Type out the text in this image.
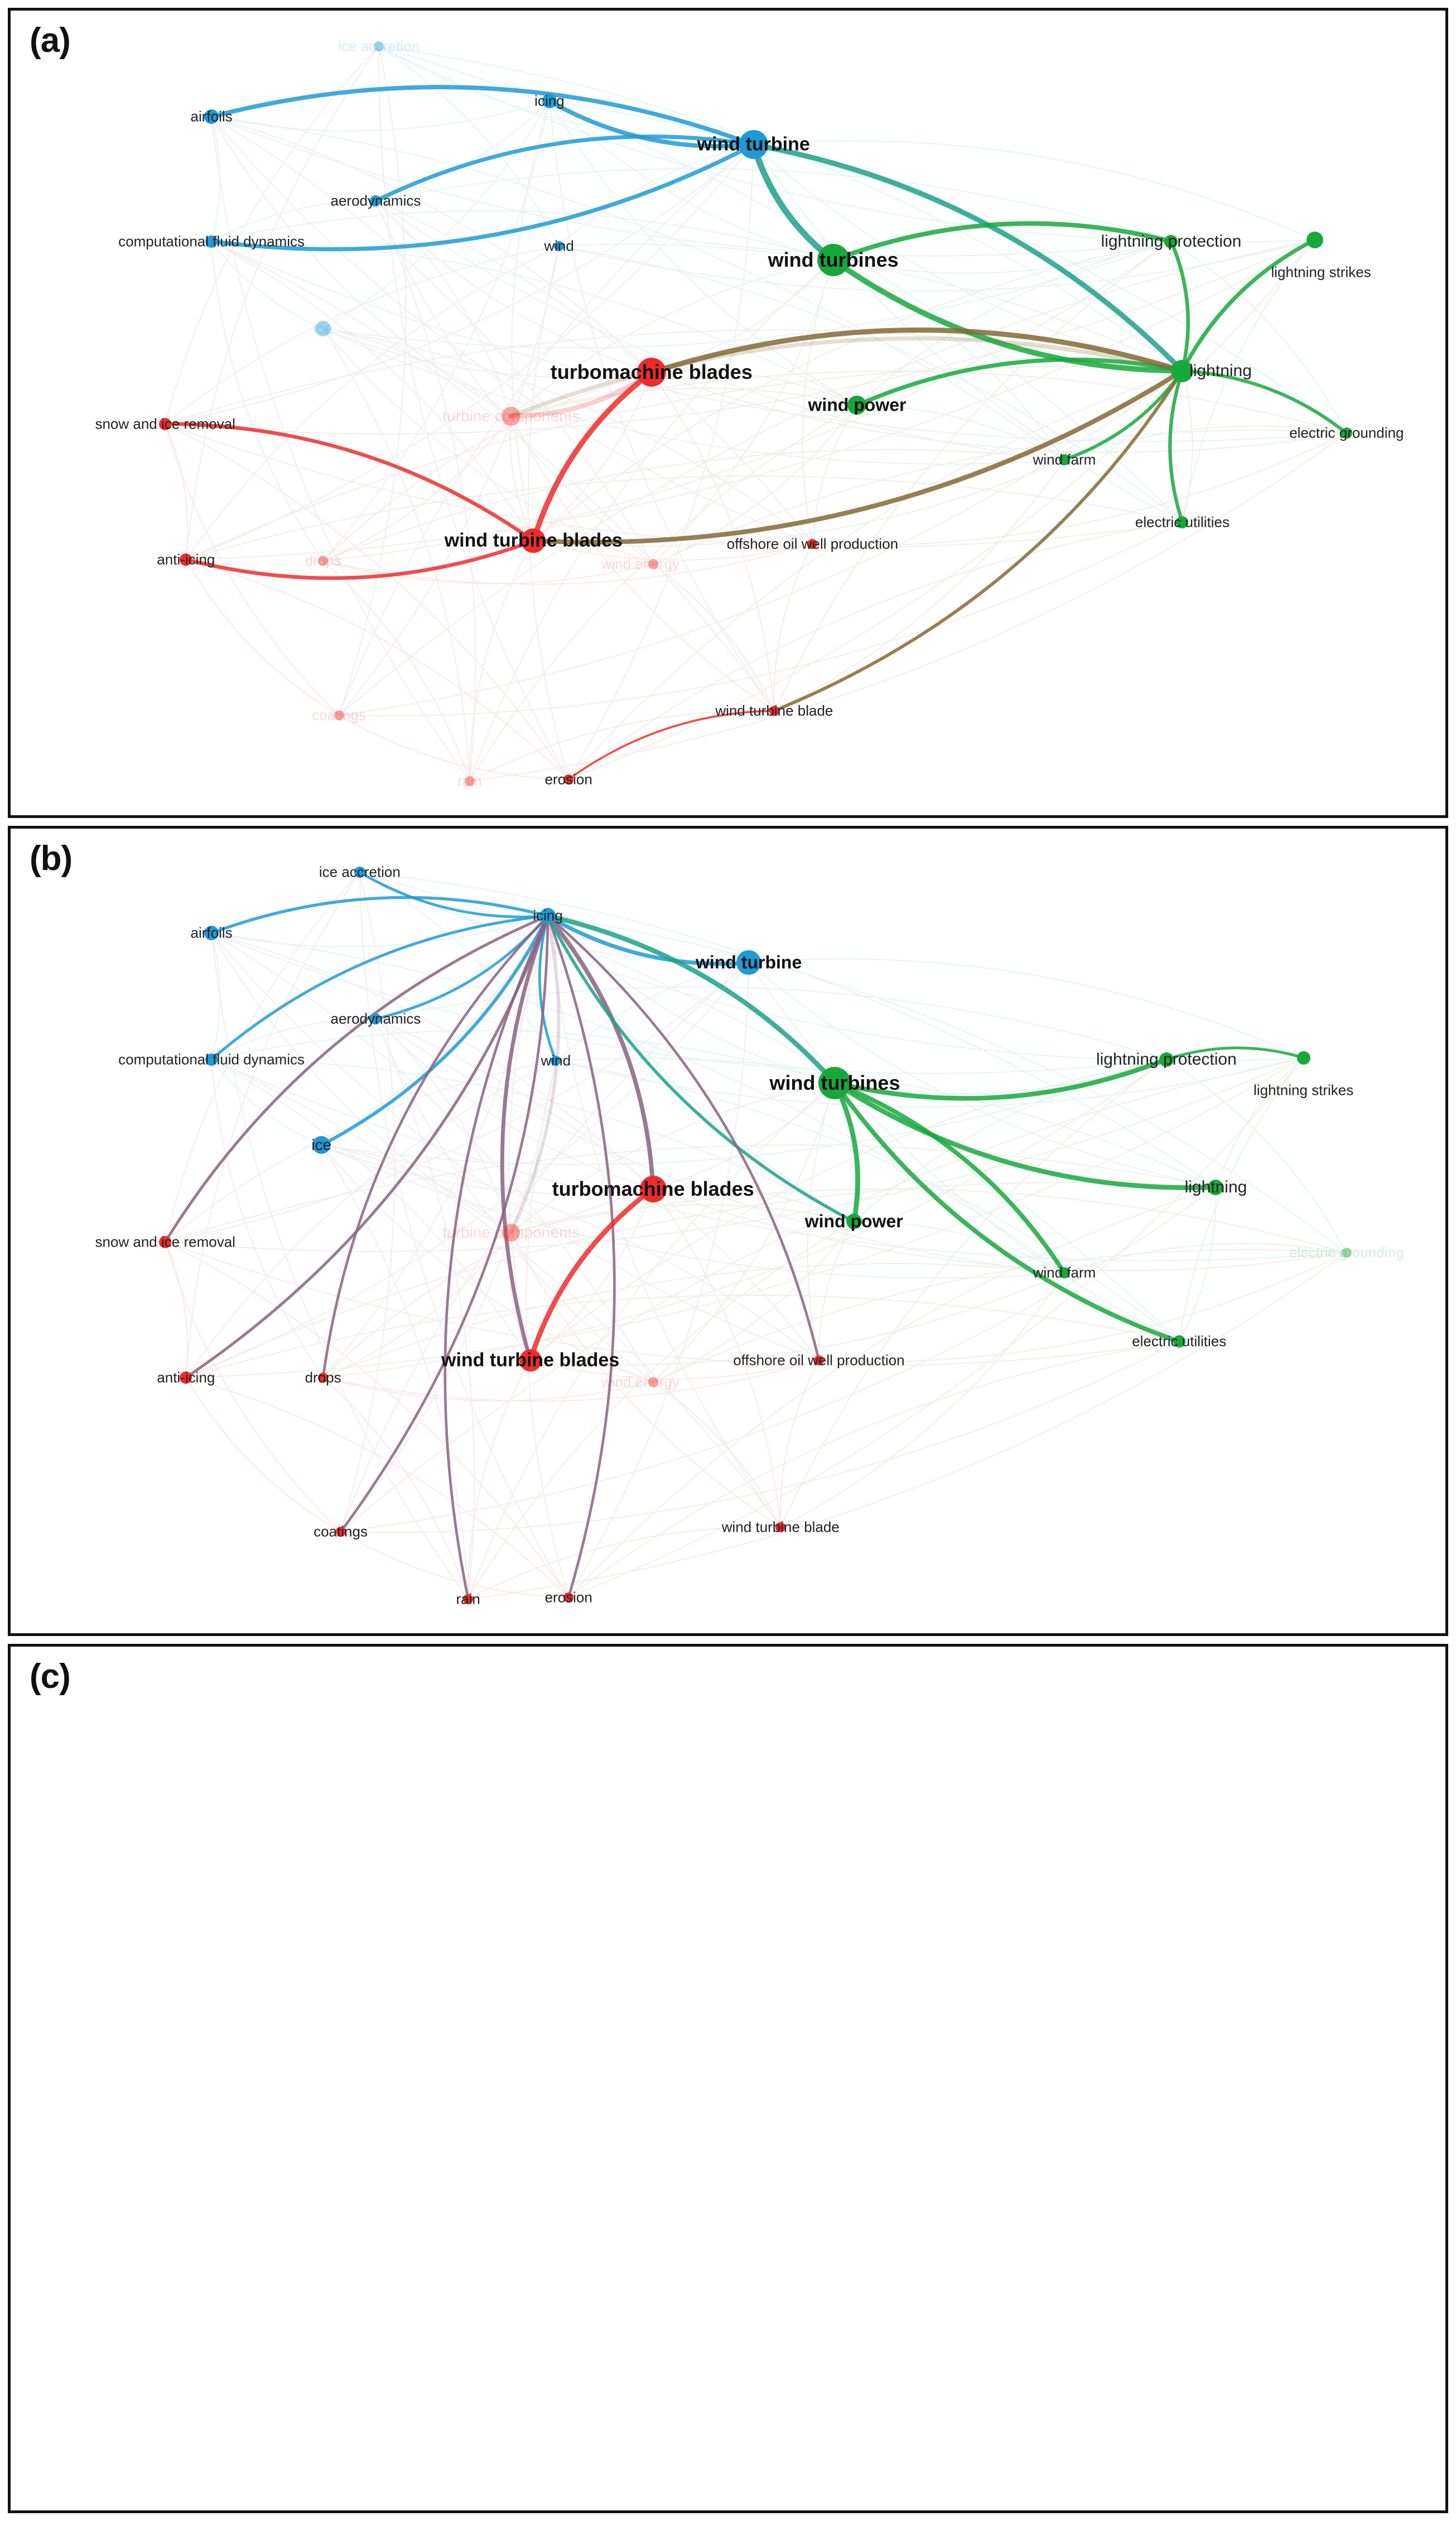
(a)	ice accretion
airfoils
icing
wind turbine
aerodynamics
computational fluid dynamics	wind
wind turbines
lightning protection
lightning strikes
ice
turbomachine blades	lightning
wind power
turbine components
snow and ice removal
electric grounding
wind farm
electric utilities
wind turbine blades	offshore oil well production
anti-icing	drops	wind energy
coatings	wind turbine blade
rain	erosion
(b)	ice accretion
airfoils
icing
wind turbine
aerodynamics
computational fluid dynamics	wind
wind turbines
lightning protection
lightning strikes
ice
turbomachine blades	lightning
wind power
turbine components
snow and ice removal
electric grounding
wind farm
electric utilities
wind turbine blades	offshore oil well production
anti-icing	drops	wind energy
coatings	wind turbine blade
rain	erosion
(c)
